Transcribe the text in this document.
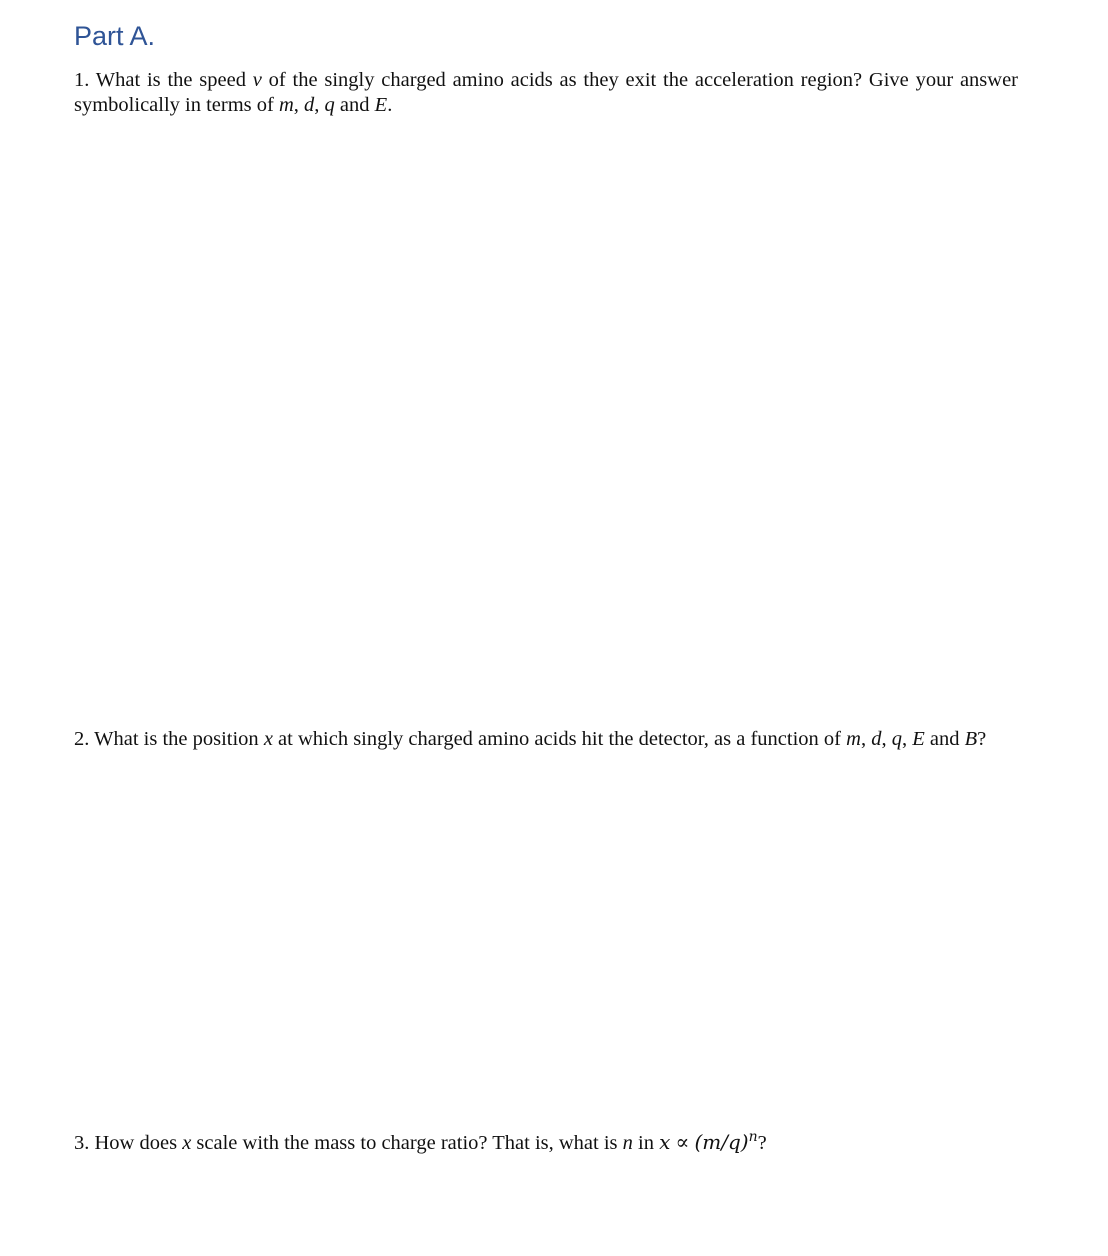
Part A.

1. What is the speed v of the singly charged amino acids as they exit the acceleration region? Give your answer symbolically in terms of m, d, q and E.

2. What is the position x at which singly charged amino acids hit the detector, as a function of m, d, q, E and B?

3. How does x scale with the mass to charge ratio? That is, what is n in $x \propto (m/q)^n$?
